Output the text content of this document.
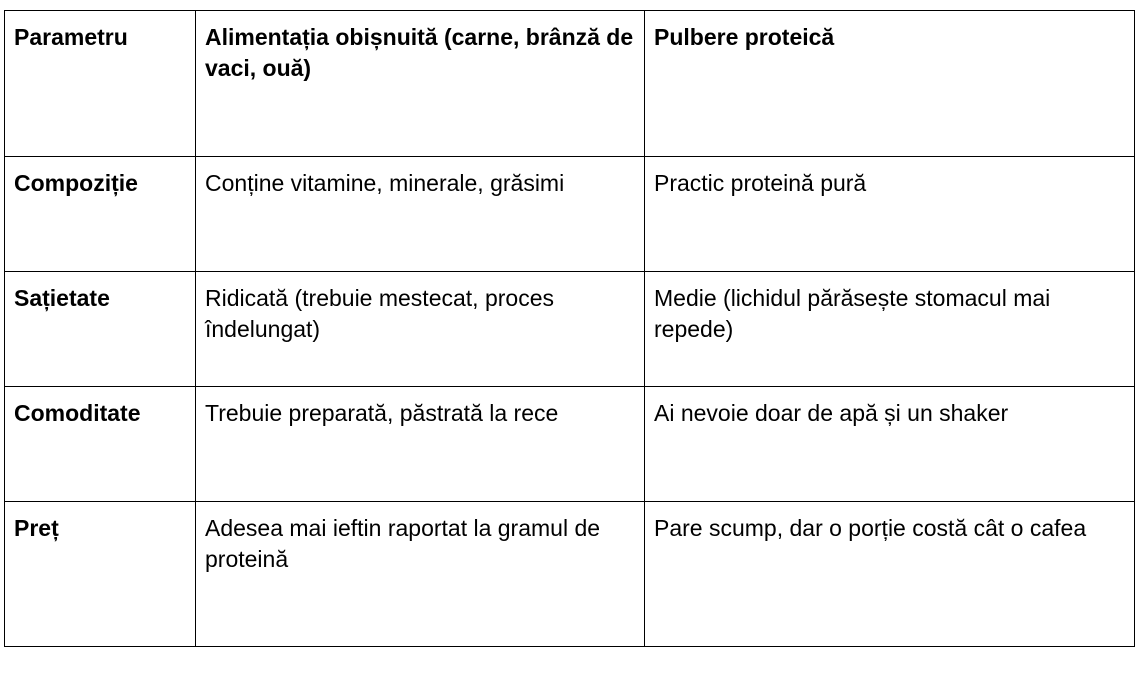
Parametru	Alimentația obișnuită (carne, brânză de vaci, ouă)	Pulbere proteică
Compoziție	Conține vitamine, minerale, grăsimi	Practic proteină pură
Sațietate	Ridicată (trebuie mestecat, proces îndelungat)	Medie (lichidul părăsește stomacul mai repede)
Comoditate	Trebuie preparată, păstrată la rece	Ai nevoie doar de apă și un shaker
Preț	Adesea mai ieftin raportat la gramul de proteină	Pare scump, dar o porție costă cât o cafea
